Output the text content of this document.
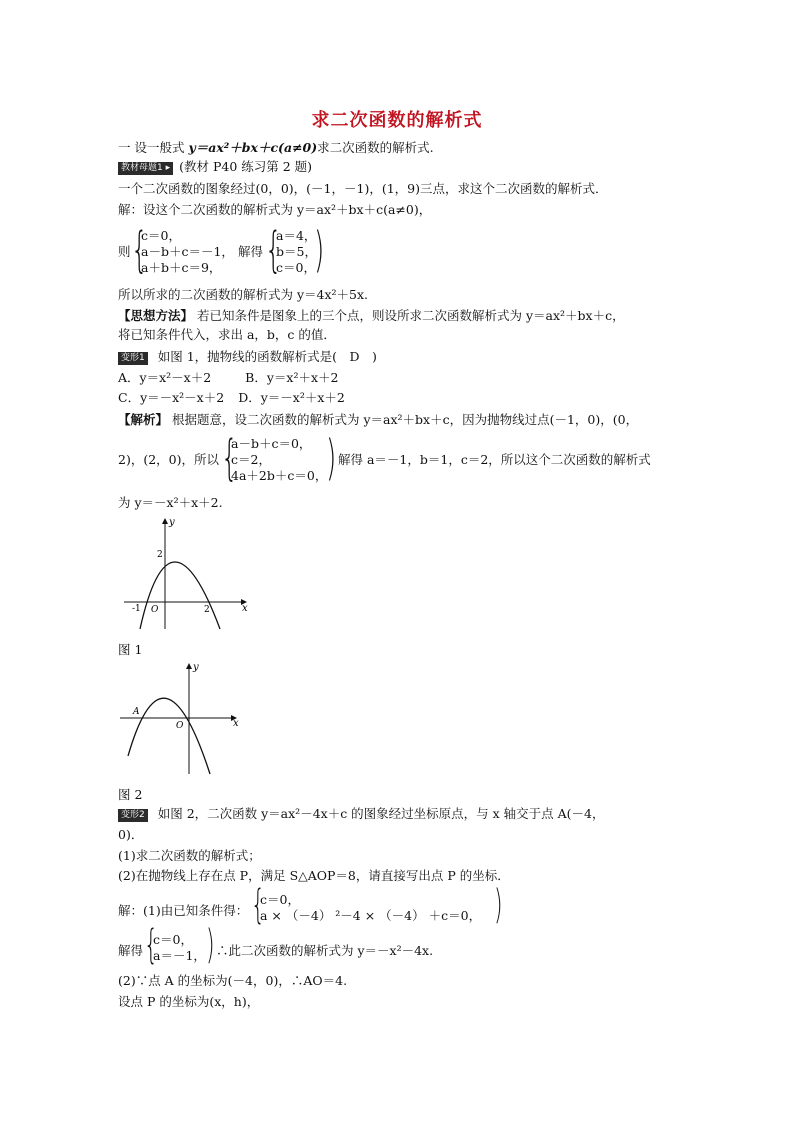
求二次函数的解析式
一 设一般式 y＝ax²＋bx＋c(a≠0)求二次函数的解析式.
教材母题1 ▸ (教材 P40 练习第 2 题)
一个二次函数的图象经过(0，0)，(－1，－1)，(1，9)三点，求这个二次函数的解析式．
解：设这个二次函数的解析式为 y＝ax²＋bx＋c(a≠0)，
则 {
c＝0，
a－b＋c＝－1，
a＋b＋c＝9，
解得 {
a＝4，
b＝5，
c＝0，
)
所以所求的二次函数的解析式为 y＝4x²＋5x.
【思想方法】 若已知条件是图象上的三个点，则设所求二次函数解析式为 y＝ax²＋bx＋c，
将已知条件代入，求出 a，b，c 的值．
变形1 如图 1，抛物线的函数解析式是(　D　)
A．y＝x²－x＋2	B．y＝x²＋x＋2
C．y＝－x²－x＋2 D．y＝－x²＋x＋2
【解析】 根据题意，设二次函数的解析式为 y＝ax²＋bx＋c，因为抛物线过点(－1，0)，(0，
2)，(2，0)，所以 {
a－b＋c＝0，
c＝2，
4a＋2b＋c＝0，
) 解得 a＝－1，b＝1，c＝2，所以这个二次函数的解析式
为 y＝－x²＋x＋2.
x
y
O
-1
2
2
图 1
x
y
O
A
图 2
变形2 如图 2，二次函数 y＝ax²－4x＋c 的图象经过坐标原点，与 x 轴交于点 A(－4，
0)．
(1)求二次函数的解析式；
(2)在抛物线上存在点 P，满足 S△AOP＝8，请直接写出点 P 的坐标．
解：(1)由已知条件得： {
c＝0，
a × （－4） ²－4 × （－4） ＋c＝0， )
解得 {
c＝0，
a＝－1， ) ∴此二次函数的解析式为 y＝－x²－4x.
(2)∵点 A 的坐标为(－4，0)，∴AO＝4.
设点 P 的坐标为(x，h)，
